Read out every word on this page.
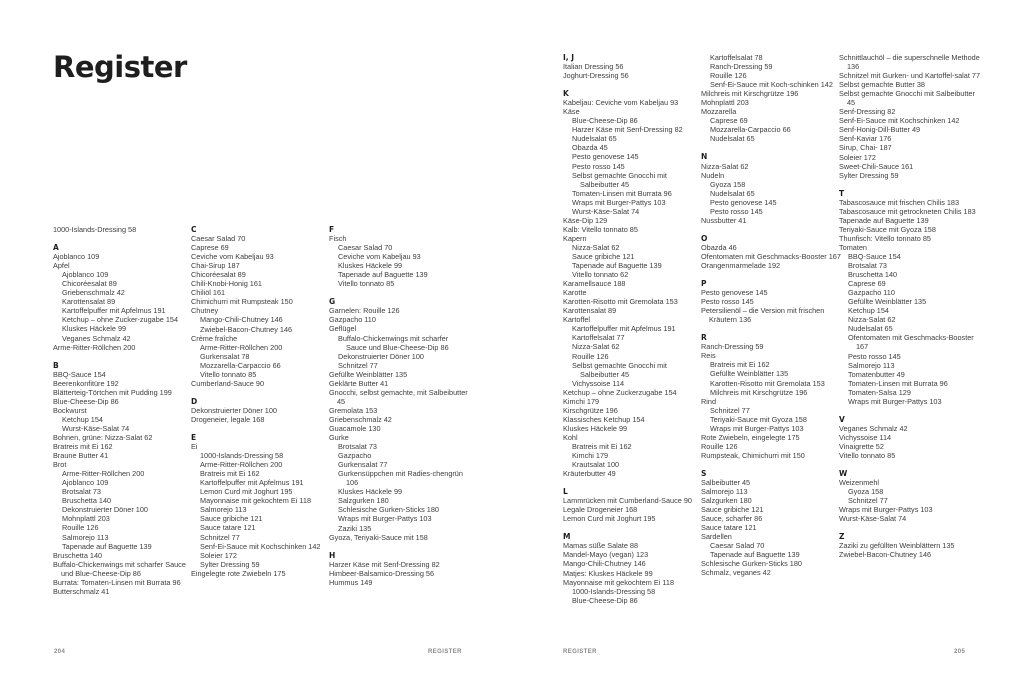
Register
1000-Islands-Dressing 58
A
Ajoblanco 109
Apfel
Ajoblanco 109
Chicoréesalat 89
Griebenschmalz 42
Karottensalat 89
Kartoffelpuffer mit Apfelmus 191
Ketchup – ohne Zucker-zugabe 154
Kluskes Häckele 99
Veganes Schmalz 42
Arme-Ritter-Röllchen 200
B
BBQ-Sauce 154
Beerenkonfitüre 192
Blätterteig-Törtchen mit Pudding 199
Blue-Cheese-Dip 86
Bockwurst
Ketchup 154
Wurst-Käse-Salat 74
Bohnen, grüne: Nizza-Salat 62
Bratreis mit Ei 162
Braune Butter 41
Brot
Arme-Ritter-Röllchen 200
Ajoblanco 109
Brotsalat 73
Bruschetta 140
Dekonstruierter Döner 100
Mohnplattl 203
Rouille 126
Salmorejo 113
Tapenade auf Baguette 139
Bruschetta 140
Buffalo-Chickenwings mit scharfer Sauce und Blue-Cheese-Dip 86
Burrata: Tomaten-Linsen mit Burrata 96
Butterschmalz 41
C
Caesar Salad 70
Caprese 69
Ceviche vom Kabeljau 93
Chai-Sirup 187
Chicoréesalat 89
Chili-Knobi-Honig 161
Chiliöl 161
Chimichurri mit Rumpsteak 150
Chutney
Mango-Chili-Chutney 146
Zwiebel-Bacon-Chutney 146
Crème fraîche
Arme-Ritter-Röllchen 200
Gurkensalat 78
Mozzarella-Carpaccio 66
Vitello tonnato 85
Cumberland-Sauce 90
D
Dekonstruierter Döner 100
Drogeneier, legale 168
E
Ei
1000-Islands-Dressing 58
Arme-Ritter-Röllchen 200
Bratreis mit Ei 162
Kartoffelpuffer mit Apfelmus 191
Lemon Curd mit Joghurt 195
Mayonnaise mit gekochtem Ei 118
Salmorejo 113
Sauce gribiche 121
Sauce tatare 121
Schnitzel 77
Senf-Ei-Sauce mit Kochschinken 142
Soleier 172
Sylter Dressing 59
Eingelegte rote Zwiebeln 175
F
Fisch
Caesar Salad 70
Ceviche vom Kabeljau 93
Kluskes Häckele 99
Tapenade auf Baguette 139
Vitello tonnato 85
G
Garnelen: Rouille 126
Gazpacho 110
Geflügel
Buffalo-Chickenwings mit scharfer Sauce und Blue-Cheese-Dip 86
Dekonstruierter Döner 100
Schnitzel 77
Gefüllte Weinblätter 135
Geklärte Butter 41
Gnocchi, selbst gemachte, mit Salbeibutter 45
Gremolata 153
Griebenschmalz 42
Guacamole 130
Gurke
Brotsalat 73
Gazpacho
Gurkensalat 77
Gurkensüppchen mit Radies-chengrün 106
Kluskes Häckele 99
Salzgurken 180
Schlesische Gurken-Sticks 180
Wraps mit Burger-Pattys 103
Zaziki 135
Gyoza, Teriyaki-Sauce mit 158
H
Harzer Käse mit Senf-Dressing 82
Himbeer-Balsamico-Dressing 56
Hummus 149
204	REGISTER
I, J
Italian Dressing 56
Joghurt-Dressing 56
K
Kabeljau: Ceviche vom Kabeljau 93
Käse
Blue-Cheese-Dip 86
Harzer Käse mit Senf-Dressing 82
Nudelsalat 65
Obazda 45
Pesto genovese 145
Pesto rosso 145
Selbst gemachte Gnocchi mit Salbeibutter 45
Tomaten-Linsen mit Burrata 96
Wraps mit Burger-Pattys 103
Wurst-Käse-Salat 74
Käse-Dip 129
Kalb: Vitello tonnato 85
Kapern
Nizza-Salat 62
Sauce gribiche 121
Tapenade auf Baguette 139
Vitello tonnato 62
Karamellsauce 188
Karotte
Karotten-Risotto mit Gremolata 153
Karottensalat 89
Kartoffel
Kartoffelpuffer mit Apfelmus 191
Kartoffelsalat 77
Nizza-Salat 62
Rouille 126
Selbst gemachte Gnocchi mit Salbeibutter 45
Vichyssoise 114
Ketchup – ohne Zuckerzugabe 154
Kimchi 179
Kirschgrütze 196
Klassisches Ketchup 154
Kluskes Häckele 99
Kohl
Bratreis mit Ei 162
Kimchi 179
Krautsalat 100
Kräuterbutter 49
L
Lammrücken mit Cumberland-Sauce 90
Legale Drogeneier 168
Lemon Curd mit Joghurt 195
M
Mamas süße Salate 88
Mandel-Mayo (vegan) 123
Mango-Chili-Chutney 146
Matjes: Kluskes Häckele 99
Mayonnaise mit gekochtem Ei 118
1000-Islands-Dressing 58
Blue-Cheese-Dip 86
Kartoffelsalat 78
Ranch-Dressing 59
Rouille 126
Senf-Ei-Sauce mit Koch-schinken 142
Milchreis mit Kirschgrütze 196
Mohnplattl 203
Mozzarella
Caprese 69
Mozzarella-Carpaccio 66
Nudelsalat 65
N
Nizza-Salat 62
Nudeln
Gyoza 158
Nudelsalat 65
Pesto genovese 145
Pesto rosso 145
Nussbutter 41
O
Obazda 46
Ofentomaten mit Geschmacks-Booster 167
Orangenmarmelade 192
P
Pesto genovese 145
Pesto rosso 145
Petersilienöl – die Version mit frischen Kräutern 136
R
Ranch-Dressing 59
Reis
Bratreis mit Ei 162
Gefüllte Weinblätter 135
Karotten-Risotto mit Gremolata 153
Milchreis mit Kirschgrütze 196
Rind
Schnitzel 77
Teriyaki-Sauce mit Gyoza 158
Wraps mit Burger-Pattys 103
Rote Zwiebeln, eingelegte 175
Rouille 126
Rumpsteak, Chimichurri mit 150
S
Salbeibutter 45
Salmorejo 113
Salzgurken 180
Sauce gribiche 121
Sauce, scharfer 86
Sauce tatare 121
Sardellen
Caesar Salad 70
Tapenade auf Baguette 139
Schlesische Gurken-Sticks 180
Schmalz, veganes 42
Schnittlauchöl – die superschnelle Methode 136
Schnitzel mit Gurken- und Kartoffel-salat 77
Selbst gemachte Butter 38
Selbst gemachte Gnocchi mit Salbeibutter 45
Senf-Dressing 82
Senf-Ei-Sauce mit Kochschinken 142
Senf-Honig-Dill-Butter 49
Senf-Kaviar 176
Sirup, Chai- 187
Soleier 172
Sweet-Chili-Sauce 161
Sylter Dressing 59
T
Tabascosauce mit frischen Chilis 183
Tabascosauce mit getrockneten Chilis 183
Tapenade auf Baguette 139
Teriyaki-Sauce mit Gyoza 158
Thunfisch: Vitello tonnato 85
Tomaten
BBQ-Sauce 154
Brotsalat 73
Bruschetta 140
Caprese 69
Gazpacho 110
Gefüllte Weinblätter 135
Ketchup 154
Nizza-Salat 62
Nudelsalat 65
Ofentomaten mit Geschmacks-Booster 167
Pesto rosso 145
Salmorejo 113
Tomatenbutter 49
Tomaten-Linsen mit Burrata 96
Tomaten-Salsa 129
Wraps mit Burger-Pattys 103
V
Veganes Schmalz 42
Vichyssoise 114
Vinaigrette 52
Vitello tonnato 85
W
Weizenmehl
Gyoza 158
Schnitzel 77
Wraps mit Burger-Pattys 103
Wurst-Käse-Salat 74
Z
Zaziki zu gefüllten Weinblättern 135
Zwiebel-Bacon-Chutney 146
REGISTER	205
